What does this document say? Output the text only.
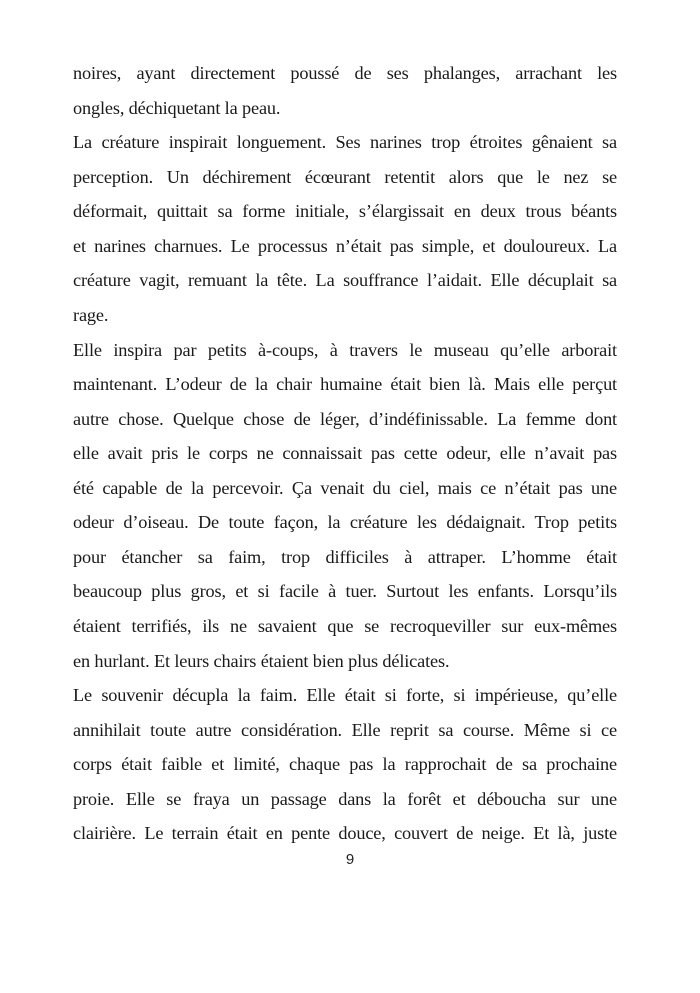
noires, ayant directement poussé de ses phalanges, arrachant les
ongles, déchiquetant la peau.
La créature inspirait longuement. Ses narines trop étroites gênaient sa
perception. Un déchirement écœurant retentit alors que le nez se
déformait, quittait sa forme initiale, s’élargissait en deux trous béants
et narines charnues. Le processus n’était pas simple, et douloureux. La
créature vagit, remuant la tête. La souffrance l’aidait. Elle décuplait sa
rage.
Elle inspira par petits à-coups, à travers le museau qu’elle arborait
maintenant. L’odeur de la chair humaine était bien là. Mais elle perçut
autre chose. Quelque chose de léger, d’indéfinissable. La femme dont
elle avait pris le corps ne connaissait pas cette odeur, elle n’avait pas
été capable de la percevoir. Ça venait du ciel, mais ce n’était pas une
odeur d’oiseau. De toute façon, la créature les dédaignait. Trop petits
pour étancher sa faim, trop difficiles à attraper. L’homme était
beaucoup plus gros, et si facile à tuer. Surtout les enfants. Lorsqu’ils
étaient terrifiés, ils ne savaient que se recroqueviller sur eux-mêmes
en hurlant. Et leurs chairs étaient bien plus délicates.
Le souvenir décupla la faim. Elle était si forte, si impérieuse, qu’elle
annihilait toute autre considération. Elle reprit sa course. Même si ce
corps était faible et limité, chaque pas la rapprochait de sa prochaine
proie. Elle se fraya un passage dans la forêt et déboucha sur une
clairière. Le terrain était en pente douce, couvert de neige. Et là, juste
9
